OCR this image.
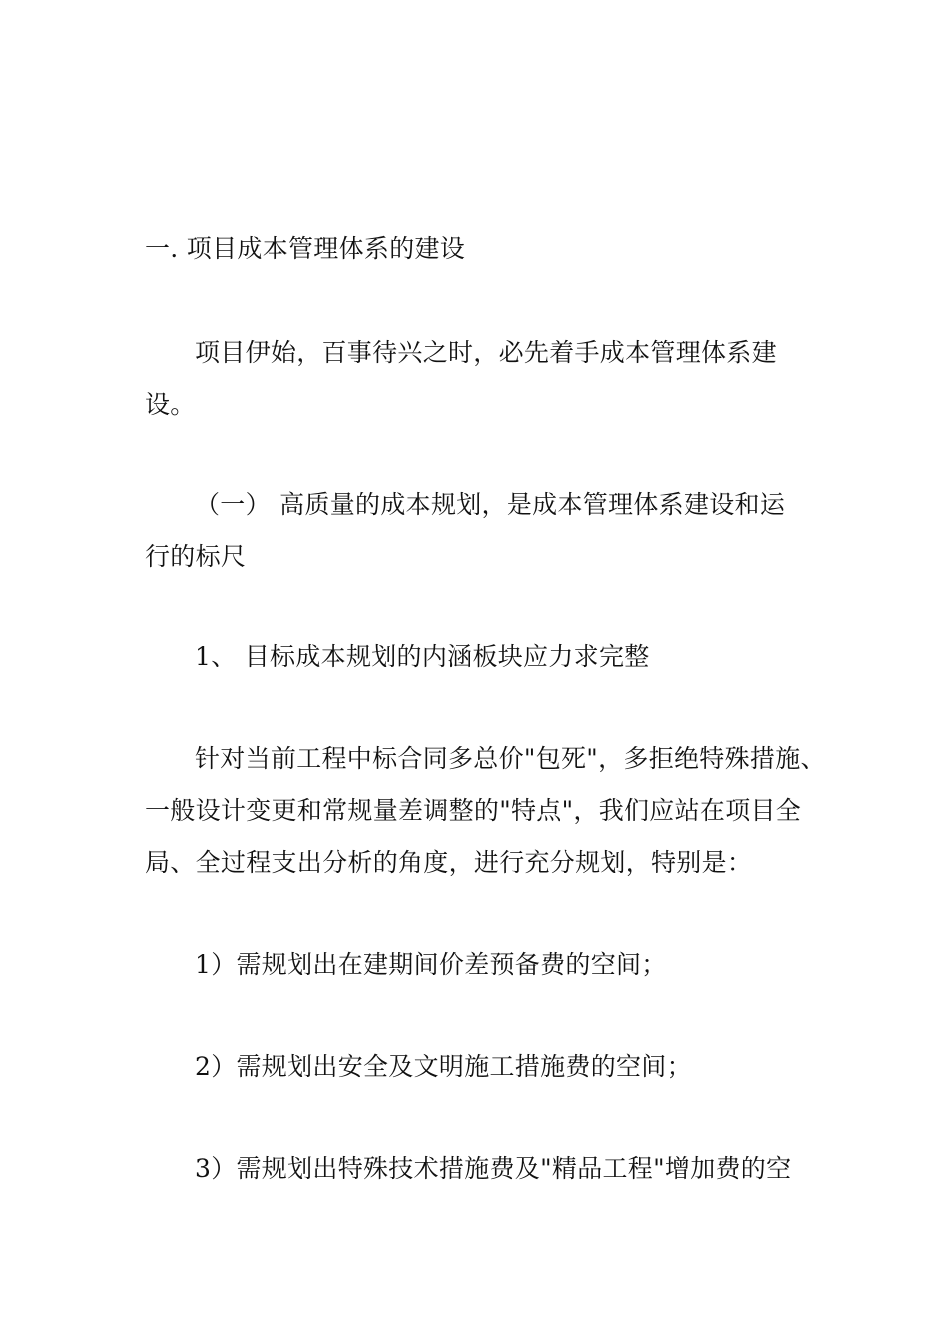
一. 项目成本管理体系的建设
项目伊始，百事待兴之时，必先着手成本管理体系建
设。
（一） 高质量的成本规划，是成本管理体系建设和运
行的标尺
1、 目标成本规划的内涵板块应力求完整
针对当前工程中标合同多总价"包死"，多拒绝特殊措施、
一般设计变更和常规量差调整的"特点"，我们应站在项目全
局、全过程支出分析的角度，进行充分规划，特别是：
1）需规划出在建期间价差预备费的空间；
2）需规划出安全及文明施工措施费的空间；
3）需规划出特殊技术措施费及"精品工程"增加费的空
